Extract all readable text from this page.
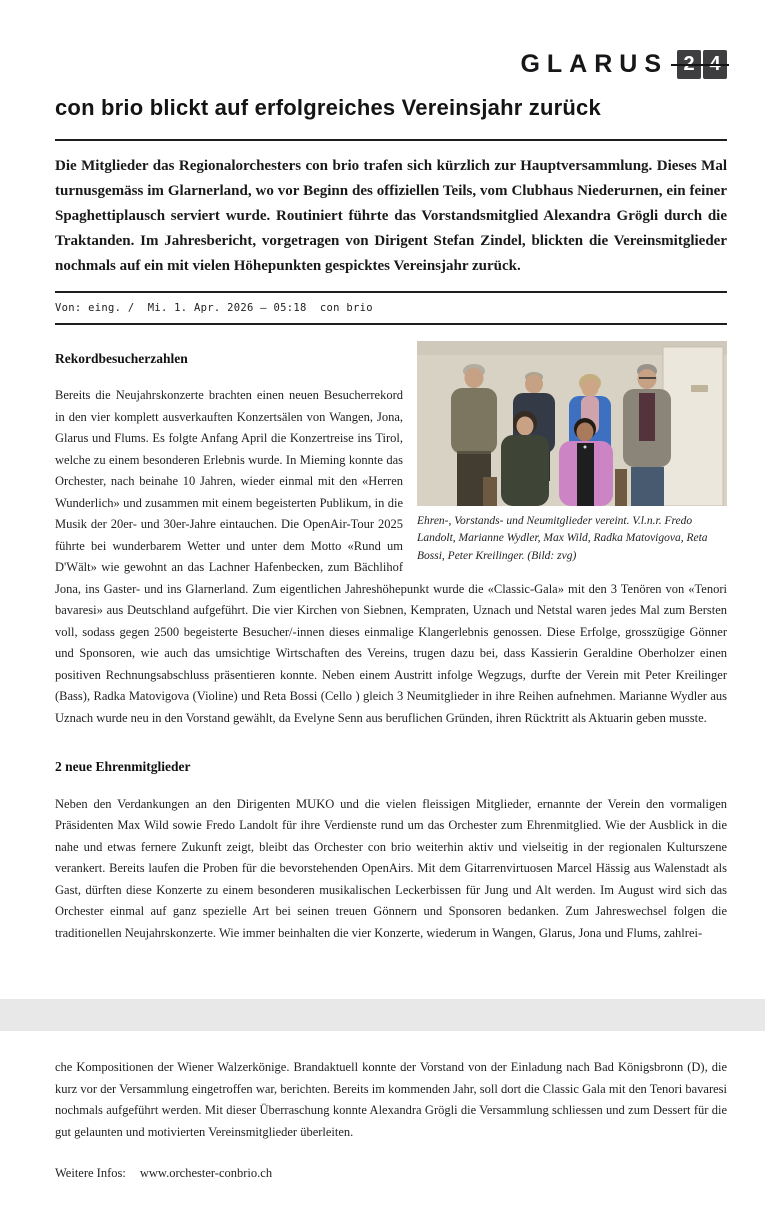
GLARUS
con brio blickt auf erfolgreiches Vereinsjahr zurück

Die Mitglieder das Regionalorchesters con brio trafen sich kürzlich zur Hauptversammlung. Dieses Mal turnusgemäss im Glarnerland, wo vor Beginn des offiziellen Teils, vom Clubhaus Niederurnen, ein feiner Spaghettiplausch serviert wurde. Routiniert führte das Vorstandsmitglied Alexandra Grögli durch die Traktanden. Im Jahresbericht, vorgetragen von Dirigent Stefan Zindel, blickten die Vereinsmitglieder nochmals auf ein mit vielen Höhepunkten gespicktes Vereinsjahr zurück.

Von: eing. /  Mi. 1. Apr. 2026 – 05:18  con brio
Ehren-, Vorstands- und Neumitglieder vereint. V.l.n.r. Fredo Landolt, Marianne Wydler, Max Wild, Radka Matovigova, Reta Bossi, Peter Kreilinger. (Bild: zvg)
Rekordbesucherzahlen

Bereits die Neujahrskonzerte brachten einen neuen Besucherrekord in den vier komplett ausverkauften Konzertsälen von Wangen, Jona, Glarus und Flums. Es folgte Anfang April die Konzertreise ins Tirol, welche zu einem besonderen Erlebnis wurde. In Mieming konnte das Orchester, nach beinahe 10 Jahren, wieder einmal mit den «Herren Wunderlich» und zusammen mit einem begeisterten Publikum, in die Musik der 20er- und 30er-Jahre eintauchen. Die OpenAir-Tour 2025 führte bei wunderbarem Wetter und unter dem Motto «Rund um D'Wält» wie gewohnt an das Lachner Hafenbecken, zum Bächlihof Jona, ins Gaster- und ins Glarnerland. Zum eigentlichen Jahreshöhepunkt wurde die «Classic-Gala» mit den 3 Tenören von «Tenori bavaresi» aus Deutschland aufgeführt. Die vier Kirchen von Siebnen, Kempraten, Uznach und Netstal waren jedes Mal zum Bersten voll, sodass gegen 2500 begeisterte Besucher/-innen dieses einmalige Klangerlebnis genossen. Diese Erfolge, grosszügige Gönner und Sponsoren, wie auch das umsichtige Wirtschaften des Vereins, trugen dazu bei, dass Kassierin Geraldine Oberholzer einen positiven Rechnungsabschluss präsentieren konnte. Neben einem Austritt infolge Wegzugs, durfte der Verein mit Peter Kreilinger (Bass), Radka Matovigova (Violine) und Reta Bossi (Cello ) gleich 3 Neumitglieder in ihre Reihen aufnehmen. Marianne Wydler aus Uznach wurde neu in den Vorstand gewählt, da Evelyne Senn aus beruflichen Gründen, ihren Rücktritt als Aktuarin geben musste.

2 neue Ehrenmitglieder

Neben den Verdankungen an den Dirigenten MUKO und die vielen fleissigen Mitglieder, ernannte der Verein den vormaligen Präsidenten Max Wild sowie Fredo Landolt für ihre Verdienste rund um das Orchester zum Ehrenmitglied. Wie der Ausblick in die nahe und etwas fernere Zukunft zeigt, bleibt das Orchester con brio weiterhin aktiv und vielseitig in der regionalen Kulturszene verankert. Bereits laufen die Proben für die bevorstehenden OpenAirs. Mit dem Gitarrenvirtuosen Marcel Hässig aus Walenstadt als Gast, dürften diese Konzerte zu einem besonderen musikalischen Leckerbissen für Jung und Alt werden. Im August wird sich das Orchester einmal auf ganz spezielle Art bei seinen treuen Gönnern und Sponsoren bedanken. Zum Jahreswechsel folgen die traditionellen Neujahrskonzerte. Wie immer beinhalten die vier Konzerte, wiederum in Wangen, Glarus, Jona und Flums, zahlrei-

che Kompositionen der Wiener Walzerkönige. Brandaktuell konnte der Vorstand von der Einladung nach Bad Königsbronn (D), die kurz vor der Versammlung eingetroffen war, berichten. Bereits im kommenden Jahr, soll dort die Classic Gala mit den Tenori bavaresi nochmals aufgeführt werden. Mit dieser Überraschung konnte Alexandra Grögli die Versammlung schliessen und zum Dessert für die gut gelaunten und motivierten Vereinsmitglieder überleiten.

Weitere Infos: www.orchester-conbrio.ch
